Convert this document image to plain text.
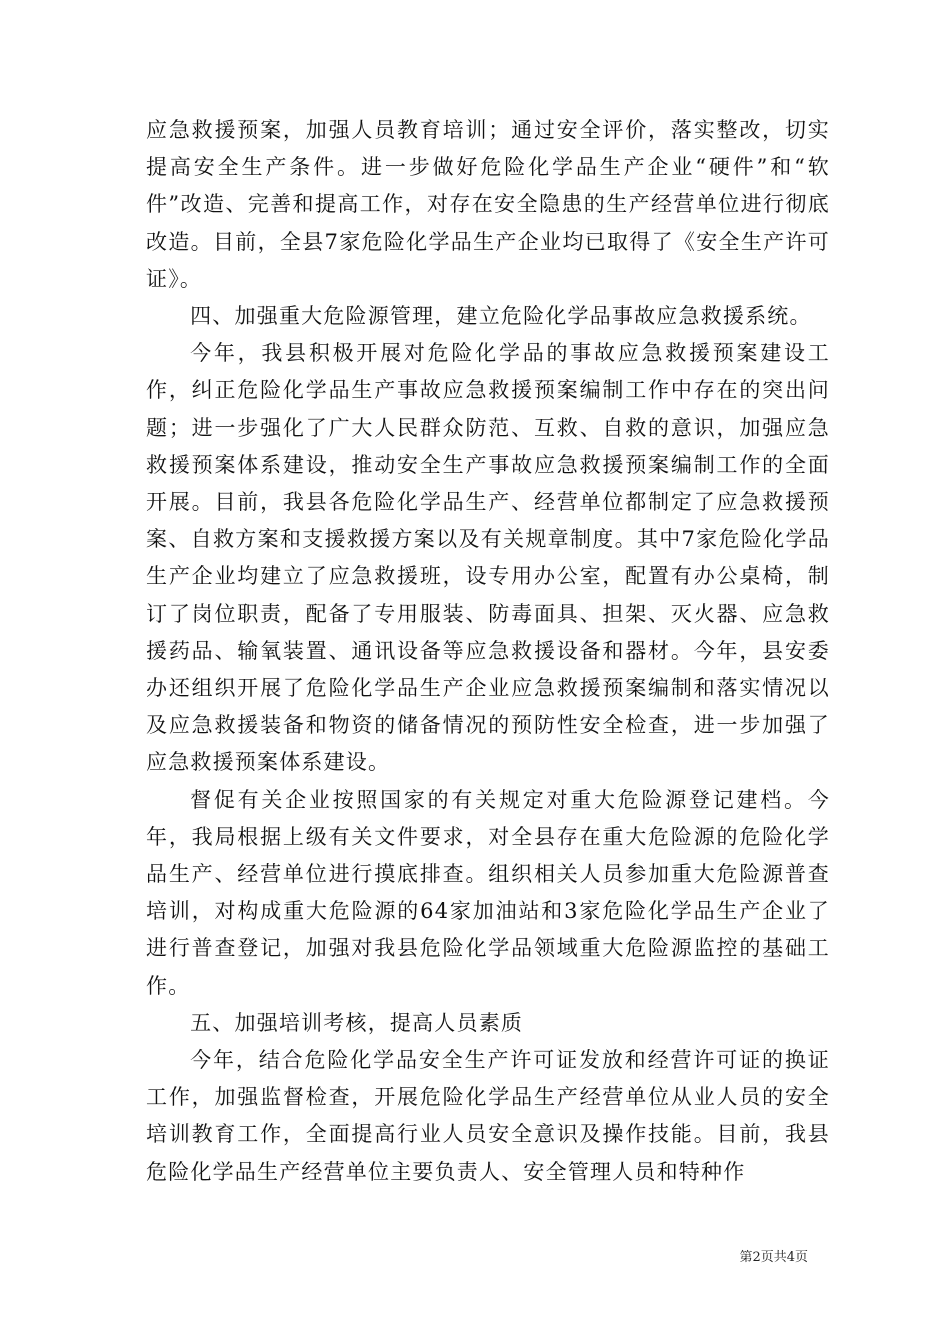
应急救援预案，加强人员教育培训；通过安全评价，落实整改，切实提高安全生产条件。进一步做好危险化学品生产企业“硬件”和“软件”改造、完善和提高工作，对存在安全隐患的生产经营单位进行彻底改造。目前，全县7家危险化学品生产企业均已取得了《安全生产许可证》。

四、加强重大危险源管理，建立危险化学品事故应急救援系统。

今年，我县积极开展对危险化学品的事故应急救援预案建设工作，纠正危险化学品生产事故应急救援预案编制工作中存在的突出问题；进一步强化了广大人民群众防范、互救、自救的意识，加强应急救援预案体系建设，推动安全生产事故应急救援预案编制工作的全面开展。目前，我县各危险化学品生产、经营单位都制定了应急救援预案、自救方案和支援救援方案以及有关规章制度。其中7家危险化学品生产企业均建立了应急救援班，设专用办公室，配置有办公桌椅，制订了岗位职责，配备了专用服装、防毒面具、担架、灭火器、应急救援药品、输氧装置、通讯设备等应急救援设备和器材。今年，县安委办还组织开展了危险化学品生产企业应急救援预案编制和落实情况以及应急救援装备和物资的储备情况的预防性安全检查，进一步加强了应急救援预案体系建设。

督促有关企业按照国家的有关规定对重大危险源登记建档。今年，我局根据上级有关文件要求，对全县存在重大危险源的危险化学品生产、经营单位进行摸底排查。组织相关人员参加重大危险源普查培训，对构成重大危险源的64家加油站和3家危险化学品生产企业了进行普查登记，加强对我县危险化学品领域重大危险源监控的基础工作。

五、加强培训考核，提高人员素质

今年，结合危险化学品安全生产许可证发放和经营许可证的换证工作，加强监督检查，开展危险化学品生产经营单位从业人员的安全培训教育工作，全面提高行业人员安全意识及操作技能。目前，我县危险化学品生产经营单位主要负责人、安全管理人员和特种作

第2页共4页
